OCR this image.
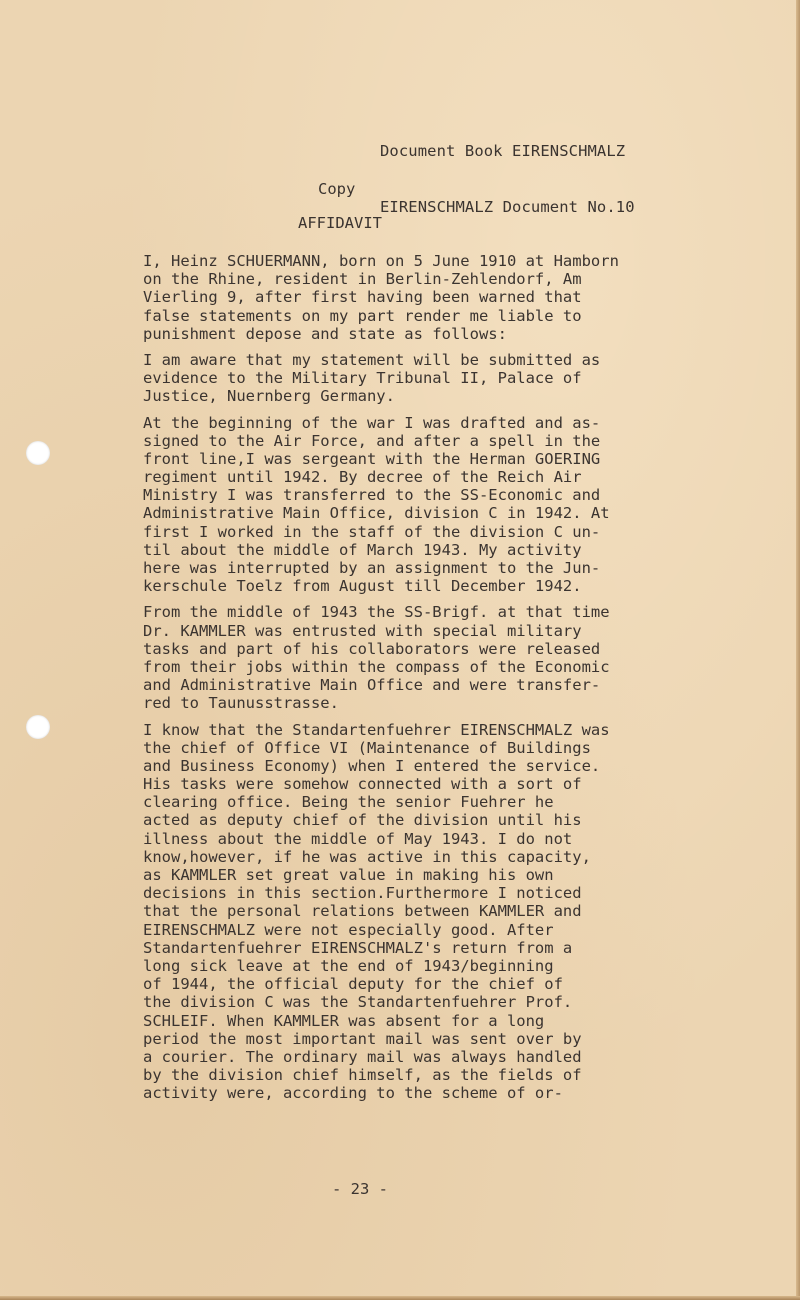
Document Book EIRENSCHMALZ

EIRENSCHMALZ Document No.10

Copy
AFFIDAVIT
I, Heinz SCHUERMANN, born on 5 June 1910 at Hamborn
on the Rhine, resident in Berlin-Zehlendorf, Am
Vierling 9, after first having been warned that
false statements on my part render me liable to
punishment depose and state as follows:
I am aware that my statement will be submitted as
evidence to the Military Tribunal II, Palace of
Justice, Nuernberg Germany.
At the beginning of the war I was drafted and as-
signed to the Air Force, and after a spell in the
front line,I was sergeant with the Herman GOERING
regiment until 1942. By decree of the Reich Air
Ministry I was transferred to the SS-Economic and
Administrative Main Office, division C in 1942. At
first I worked in the staff of the division C un-
til about the middle of March 1943. My activity
here was interrupted by an assignment to the Jun-
kerschule Toelz from August till December 1942.
From the middle of 1943 the SS-Brigf. at that time
Dr. KAMMLER was entrusted with special military
tasks and part of his collaborators were released
from their jobs within the compass of the Economic
and Administrative Main Office and were transfer-
red to Taunusstrasse.
I know that the Standartenfuehrer EIRENSCHMALZ was
the chief of Office VI (Maintenance of Buildings
and Business Economy) when I entered the service.
His tasks were somehow connected with a sort of
clearing office. Being the senior Fuehrer he
acted as deputy chief of the division until his
illness about the middle of May 1943. I do not
know,however, if he was active in this capacity,
as KAMMLER set great value in making his own
decisions in this section.Furthermore I noticed
that the personal relations between KAMMLER and
EIRENSCHMALZ were not especially good. After
Standartenfuehrer EIRENSCHMALZ's return from a
long sick leave at the end of 1943/beginning
of 1944, the official deputy for the chief of
the division C was the Standartenfuehrer Prof.
SCHLEIF. When KAMMLER was absent for a long
period the most important mail was sent over by
a courier. The ordinary mail was always handled
by the division chief himself, as the fields of
activity were, according to the scheme of or-
- 23 -
